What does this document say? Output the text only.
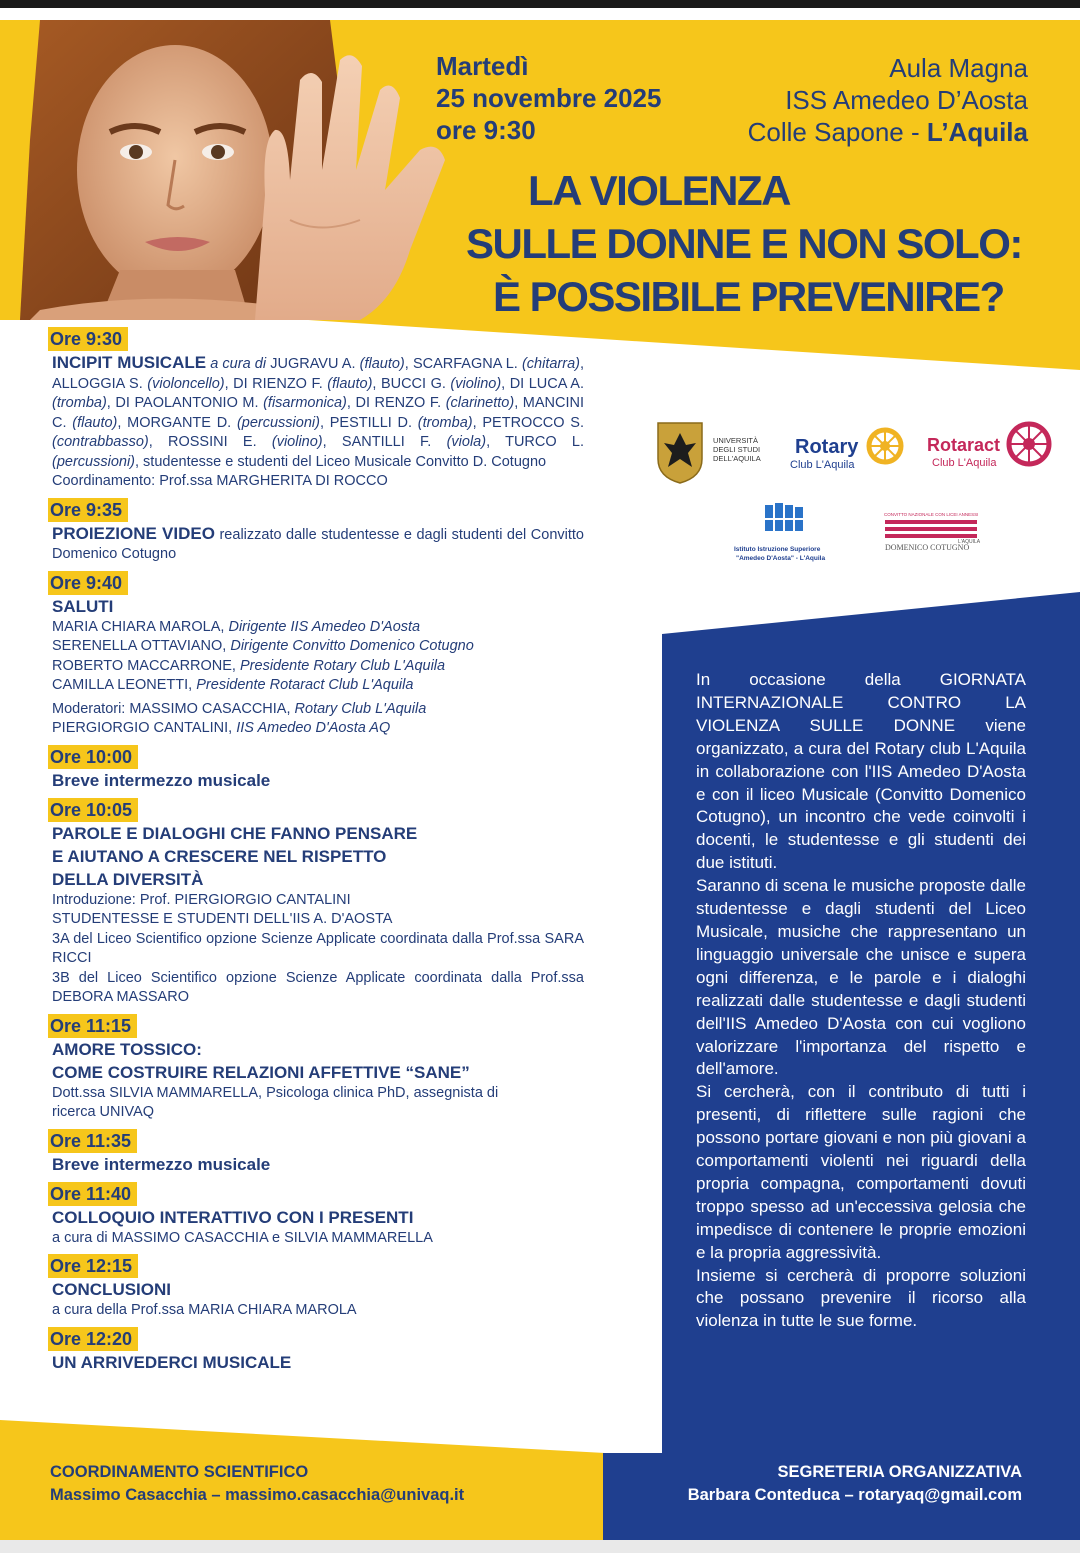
Martedì
25 novembre 2025
ore 9:30
Aula Magna
ISS Amedeo D’Aosta
Colle Sapone - L’Aquila
LA VIOLENZA
SULLE DONNE E NON SOLO:
È POSSIBILE PREVENIRE?
UNIVERSITÀ
DEGLI STUDI
DELL'AQUILA
Rotary
Club L'Aquila
Rotaract
Club L'Aquila
Istituto Istruzione Superiore
"Amedeo D'Aosta" - L'Aquila
CONVITTO NAZIONALE CON LICEI ANNESSI
L'AQUILA
DOMENICO COTUGNO
Ore 9:30
INCIPIT MUSICALE a cura di JUGRAVU A. (flauto), SCARFAGNA L. (chitarra), ALLOGGIA S. (violoncello), DI RIENZO F. (flauto), BUCCI G. (violino), DI LUCA A. (tromba), DI PAOLANTONIO M. (fisarmonica), DI RENZO F. (clarinetto), MANCINI C. (flauto), MORGANTE D. (percussioni), PESTILLI D. (tromba), PETROCCO S. (contrabbasso), ROSSINI E. (violino), SANTILLI F. (viola), TURCO L. (percussioni), studentesse e studenti del Liceo Musicale Convitto D. Cotugno
Coordinamento: Prof.ssa MARGHERITA DI ROCCO
Ore 9:35
PROIEZIONE VIDEO realizzato dalle studentesse e dagli studenti del Convitto Domenico Cotugno
Ore 9:40
SALUTI
MARIA CHIARA MAROLA, Dirigente IIS Amedeo D'Aosta
SERENELLA OTTAVIANO, Dirigente Convitto Domenico Cotugno
ROBERTO MACCARRONE, Presidente Rotary Club L'Aquila
CAMILLA LEONETTI, Presidente Rotaract Club L'Aquila
Moderatori: MASSIMO CASACCHIA, Rotary Club L'Aquila
PIERGIORGIO CANTALINI, IIS Amedeo D'Aosta AQ
Ore 10:00
Breve intermezzo musicale
Ore 10:05
PAROLE E DIALOGHI CHE FANNO PENSARE
E AIUTANO A CRESCERE NEL RISPETTO
DELLA DIVERSITÀ
Introduzione: Prof. PIERGIORGIO CANTALINI
STUDENTESSE E STUDENTI DELL'IIS A. D'AOSTA
3A del Liceo Scientifico opzione Scienze Applicate coordinata dalla Prof.ssa SARA RICCI
3B del Liceo Scientifico opzione Scienze Applicate coordinata dalla Prof.ssa DEBORA MASSARO
Ore 11:15
AMORE TOSSICO:
COME COSTRUIRE RELAZIONI AFFETTIVE “SANE”
Dott.ssa SILVIA MAMMARELLA, Psicologa clinica PhD, assegnista di ricerca UNIVAQ
Ore 11:35
Breve intermezzo musicale
Ore 11:40
COLLOQUIO INTERATTIVO CON I PRESENTI
a cura di MASSIMO CASACCHIA e SILVIA MAMMARELLA
Ore 12:15
CONCLUSIONI
a cura della Prof.ssa MARIA CHIARA MAROLA
Ore 12:20
UN ARRIVEDERCI MUSICALE
In occasione della GIORNATA INTERNAZIONALE CONTRO LA VIOLENZA SULLE DONNE viene organizzato, a cura del Rotary club L'Aquila in collaborazione con l'IIS Amedeo D'Aosta e con il liceo Musicale (Convitto Domenico Cotugno), un incontro che vede coinvolti i docenti, le studentesse e gli studenti dei due istituti.
Saranno di scena le musiche proposte dalle studentesse e dagli studenti del Liceo Musicale, musiche che rappresentano un linguaggio universale che unisce e supera ogni differenza, e le parole e i dialoghi realizzati dalle studentesse e dagli studenti dell'IIS Amedeo D'Aosta con cui vogliono valorizzare l'importanza del rispetto e dell'amore.
Si cercherà, con il contributo di tutti i presenti, di riflettere sulle ragioni che possono portare giovani e non più giovani a comportamenti violenti nei riguardi della propria compagna, comportamenti dovuti troppo spesso ad un'eccessiva gelosia che impedisce di contenere le proprie emozioni e la propria aggressività.
Insieme si cercherà di proporre soluzioni che possano prevenire il ricorso alla violenza in tutte le sue forme.
COORDINAMENTO SCIENTIFICO
Massimo Casacchia – massimo.casacchia@univaq.it
SEGRETERIA ORGANIZZATIVA
Barbara Conteduca – rotaryaq@gmail.com
